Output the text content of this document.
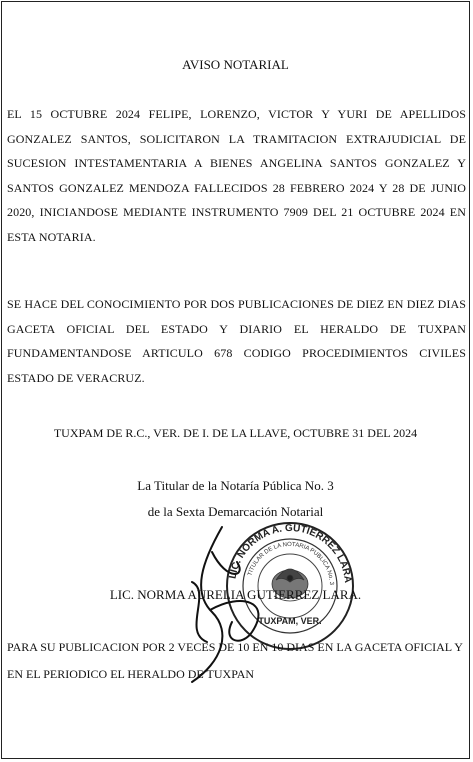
AVISO NOTARIAL
EL 15 OCTUBRE 2024 FELIPE, LORENZO, VICTOR Y YURI DE APELLIDOS GONZALEZ SANTOS, SOLICITARON LA TRAMITACION EXTRAJUDICIAL DE SUCESION INTESTAMENTARIA A BIENES ANGELINA SANTOS GONZALEZ Y SANTOS GONZALEZ MENDOZA FALLECIDOS 28 FEBRERO 2024 Y 28 DE JUNIO 2020, INICIANDOSE MEDIANTE INSTRUMENTO 7909 DEL 21 OCTUBRE 2024 EN ESTA NOTARIA.
SE HACE DEL CONOCIMIENTO POR DOS PUBLICACIONES DE DIEZ EN DIEZ DIAS GACETA OFICIAL DEL ESTADO Y DIARIO EL HERALDO DE TUXPAN FUNDAMENTANDOSE ARTICULO 678 CODIGO PROCEDIMIENTOS CIVILES ESTADO DE VERACRUZ.
TUXPAM DE R.C., VER. DE I. DE LA LLAVE, OCTUBRE 31 DEL 2024
La Titular de la Notaría Pública No. 3
de la Sexta Demarcación Notarial
LIC. NORMA A. GUTIERREZ LARA
TITULAR DE LA NOTARIA PUBLICA No. 3
TUXPAM, VER.
LIC. NORMA AURELIA GUTIERREZ LARA.
PARA SU PUBLICACION POR 2 VECES DE 10 EN 10 DIAS EN LA GACETA OFICIAL Y
EN EL PERIODICO EL HERALDO DE TUXPAN
